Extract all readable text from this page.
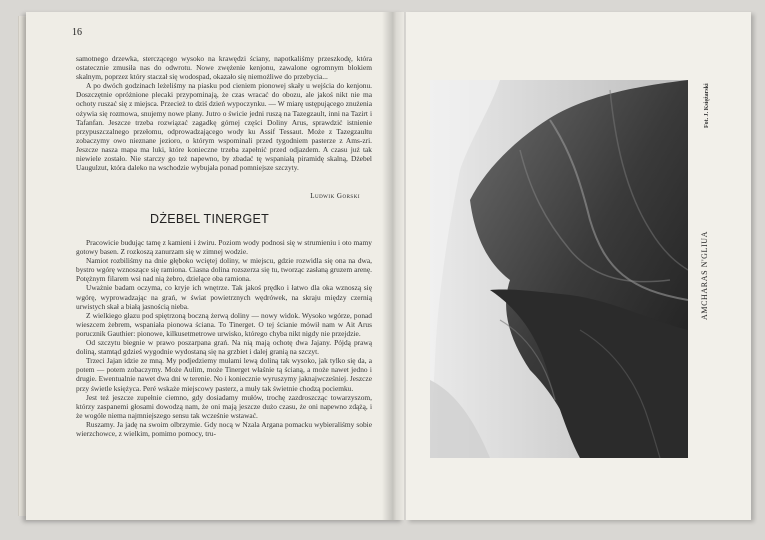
16

samotnego drzewka, sterczącego wysoko na krawędzi ściany, napotkaliśmy przeszkodę, która ostatecznie zmusiła nas do odwrotu. Nowe zwężenie kenjonu, zawalone ogromnym blokiem skalnym, poprzez który staczał się wodospad, okazało się niemożliwe do przebycia...

A po dwóch godzinach leżeliśmy na piasku pod cieniem pionowej skały u wejścia do kenjonu. Doszczętnie opróżnione plecaki przypominają, że czas wracać do obozu, ale jakoś nikt nie ma ochoty ruszać się z miejsca. Przecież to dziś dzień wypoczynku. — W miarę ustępującego znużenia ożywia się rozmowa, snujemy nowe plany. Jutro o świcie jedni ruszą na Tazegzault, inni na Tazirt i Tafanfan. Jeszcze trzeba rozwiązać zagadkę górnej części Doliny Arus, sprawdzić istnienie przypuszczalnego przełomu, odprowadzającego wody ku Assif Tessaut. Może z Tazegzaultu zobaczymy owo nieznane jezioro, o którym wspominali przed tygodniem pasterze z Ams-zri. Jeszcze nasza mapa ma luki, które konieczne trzeba zapełnić przed odjazdem. A czasu już tak niewiele zostało. Nie starczy go też napewno, by zbadać tę wspaniałą piramidę skalną, Dżebel Uaugulzut, która daleko na wschodzie wybujała ponad pomniejsze szczyty.

Ludwik Gorski
DŻEBEL TINERGET

Pracowicie budując tamę z kamieni i żwiru. Poziom wody podnosi się w strumieniu i oto mamy gotowy basen. Z rozkoszą zanurzam się w zimnej wodzie.

Namiot rozbiliśmy na dnie głęboko wciętej doliny, w miejscu, gdzie rozwidla się ona na dwa, bystro wgórę wznoszące się ramiona. Ciasna dolina rozszerza się tu, tworząc zasłaną gruzem arenę. Potężnym filarem wsi nad nią żebro, dzielące oba ramiona.

Uważnie badam oczyma, co kryje ich wnętrze. Tak jakoś prędko i łatwo dla oka wznoszą się wgórę, wyprowadzając na grań, w świat powietrznych wędrówek, na skraju między czernią urwistych skał a białą jasnością nieba.

Z wielkiego głazu pod spiętrzoną boczną żerwą doliny — nowy widok. Wysoko wgórze, ponad wieszcem żebrem, wspaniała pionowa ściana. To Tinerget. O tej ścianie mówił nam w Ait Arus porucznik Gauthier: pionowe, kilkusetmetrowe urwisko, którego chyba nikt nigdy nie przejdzie.

Od szczytu biegnie w prawo poszarpana grań. Na nią mają ochotę dwa Jajany. Pójdą prawą doliną, stamtąd gdzieś wygodnie wydostaną się na grzbiet i dalej granią na szczyt.

Trzeci Jajan idzie ze mną. My podjedziemy mułami lewą doliną tak wysoko, jak tylko się da, a potem — potem zobaczymy. Może Aulim, może Tinerget właśnie tą ścianą, a może nawet jedno i drugie. Ewentualnie nawet dwa dni w terenie. No i koniecznie wyruszymy jaknajwcześniej. Jeszcze przy świetle księżyca. Peré wskaże miejscowy pasterz, a muły tak świetnie chodzą pociemku.

Jest też jeszcze zupełnie ciemno, gdy dosiadamy mułów, trochę zazdroszcząc towarzyszom, którzy zaspanemi głosami dowodzą nam, że oni mają jeszcze dużo czasu, że oni napewno zdążą, i że wogóle niema najmniejszego sensu tak wcześnie wstawać.

Ruszamy. Ja jadę na swoim olbrzymie. Gdy nocą w Nzala Argana pomacku wybieraliśmy sobie wierzchowce, z wielkim, pomimo pomocy, tru-

Fot. J. Księżarski
AMCHARAS N'GLIUA
